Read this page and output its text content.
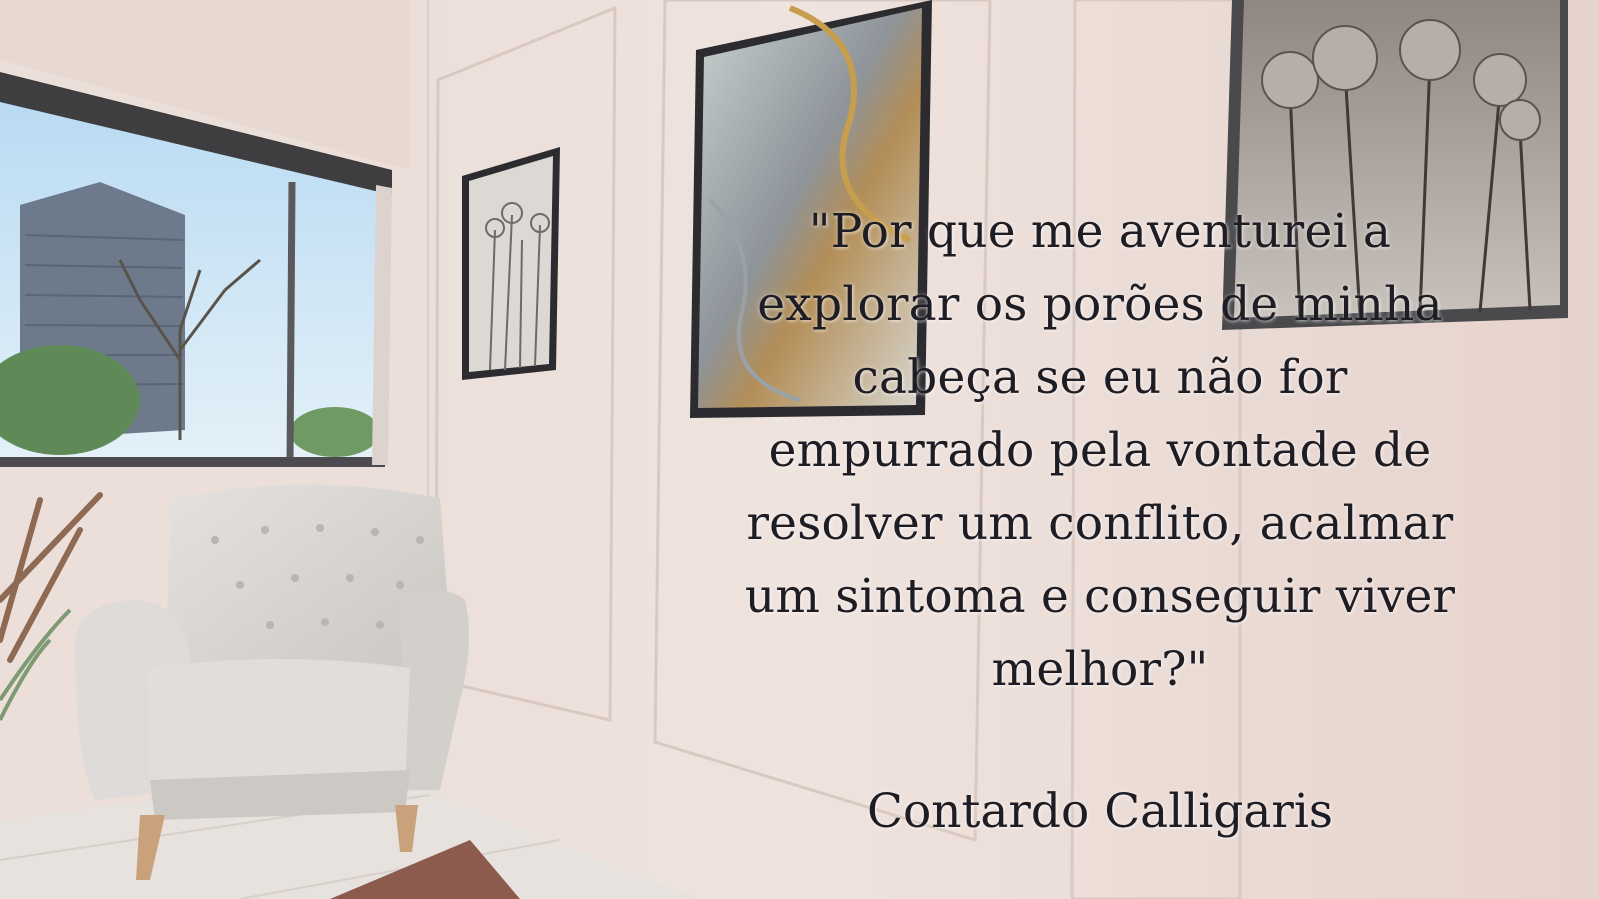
"Por que me aventurei a
explorar os porões de minha
cabeça se eu não for
empurrado pela vontade de
resolver um conflito, acalmar
um sintoma e conseguir viver
melhor?"
Contardo Calligaris
